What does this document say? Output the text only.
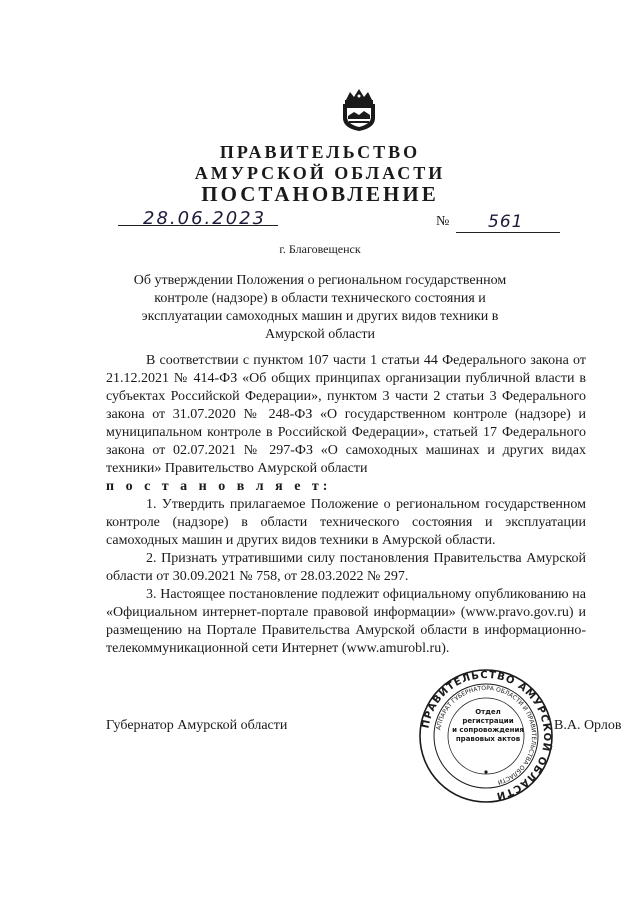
ПРАВИТЕЛЬСТВО
АМУРСКОЙ ОБЛАСТИ
ПОСТАНОВЛЕНИЕ
28.06.2023	№ 561
г. Благовещенск
Об утверждении Положения о региональном государственном контроле (надзоре) в области технического состояния и эксплуатации самоходных машин и других видов техники в Амурской области

В соответствии с пунктом 107 части 1 статьи 44 Федерального закона от 21.12.2021 № 414-ФЗ «Об общих принципах организации публичной власти в субъектах Российской Федерации», пунктом 3 части 2 статьи 3 Федерального закона от 31.07.2020 № 248-ФЗ «О государственном контроле (надзоре) и муниципальном контроле в Российской Федерации», статьей 17 Федерального закона от 02.07.2021 № 297-ФЗ «О самоходных машинах и других видах техники» Правительство Амурской области

п о с т а н о в л я е т:

1. Утвердить прилагаемое Положение о региональном государственном контроле (надзоре) в области технического состояния и эксплуатации самоходных машин и других видов техники в Амурской области.

2. Признать утратившими силу постановления Правительства Амурской области от 30.09.2021 № 758, от 28.03.2022 № 297.

3. Настоящее постановление подлежит официальному опубликованию на «Официальном интернет-портале правовой информации» (www.pravo.gov.ru) и размещению на Портале Правительства Амурской области в информационно-телекоммуникационной сети Интернет (www.amurobl.ru).

Губернатор Амурской области	ПРАВИТЕЛЬСТВО АМУРСКОЙ ОБЛАСТИ
АППАРАТ ГУБЕРНАТОРА ОБЛАСТИ И ПРАВИТЕЛЬСТВА ОБЛАСТИ
Отдел
регистрации
и сопровождения
правовых актов
В.А. Орлов
